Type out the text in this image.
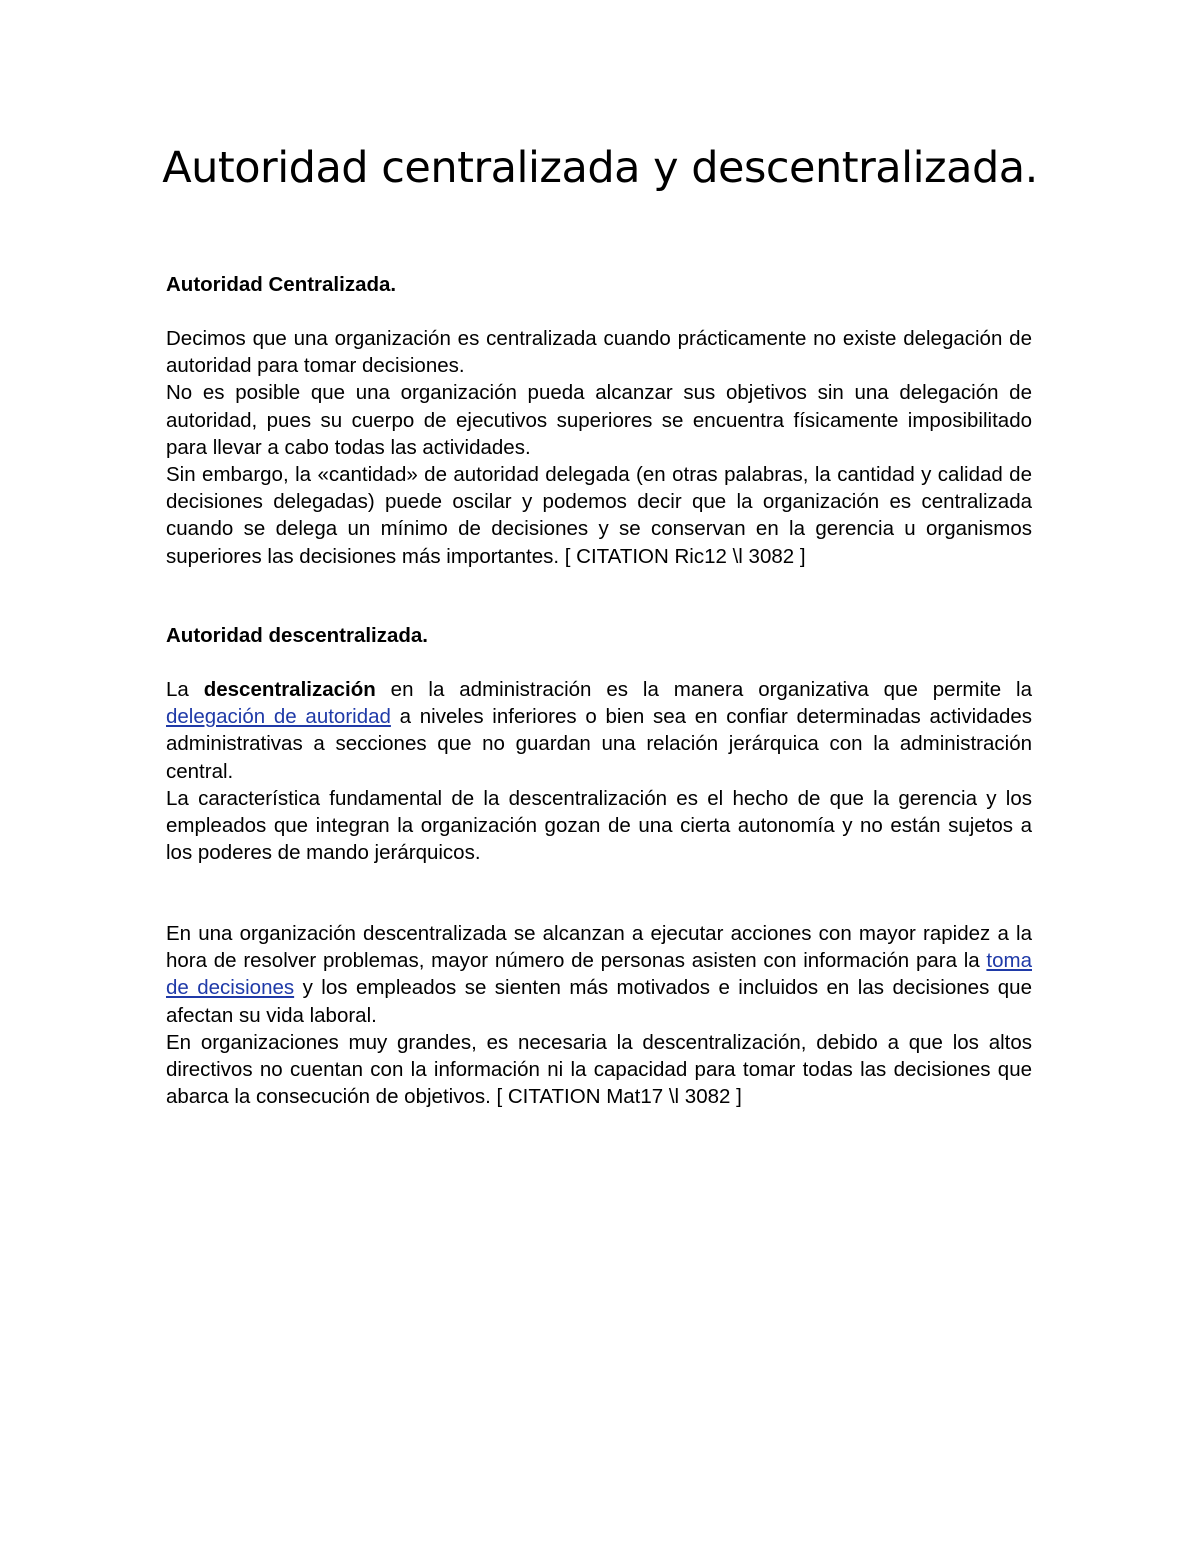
Autoridad centralizada y descentralizada.

Autoridad Centralizada.

Decimos que una organización es centralizada cuando prácticamente no existe delegación de autoridad para tomar decisiones.

No es posible que una organización pueda alcanzar sus objetivos sin una delegación de autoridad, pues su cuerpo de ejecutivos superiores se encuentra físicamente imposibilitado para llevar a cabo todas las actividades.

Sin embargo, la «cantidad» de autoridad delegada (en otras palabras, la cantidad y calidad de decisiones delegadas) puede oscilar y podemos decir que la organización es centralizada cuando se delega un mínimo de decisiones y se conservan en la gerencia u organismos superiores las decisiones más importantes. [ CITATION Ric12 \l 3082 ]

Autoridad descentralizada.

La descentralización en la administración es la manera organizativa que permite la delegación de autoridad a niveles inferiores o bien sea en confiar determinadas actividades administrativas a secciones que no guardan una relación jerárquica con la administración central.

La característica fundamental de la descentralización es el hecho de que la gerencia y los empleados que integran la organización gozan de una cierta autonomía y no están sujetos a los poderes de mando jerárquicos.

En una organización descentralizada se alcanzan a ejecutar acciones con mayor rapidez a la hora de resolver problemas, mayor número de personas asisten con información para la toma de decisiones y los empleados se sienten más motivados e incluidos en las decisiones que afectan su vida laboral.

En organizaciones muy grandes, es necesaria la descentralización, debido a que los altos directivos no cuentan con la información ni la capacidad para tomar todas las decisiones que abarca la consecución de objetivos. [ CITATION Mat17 \l 3082 ]
